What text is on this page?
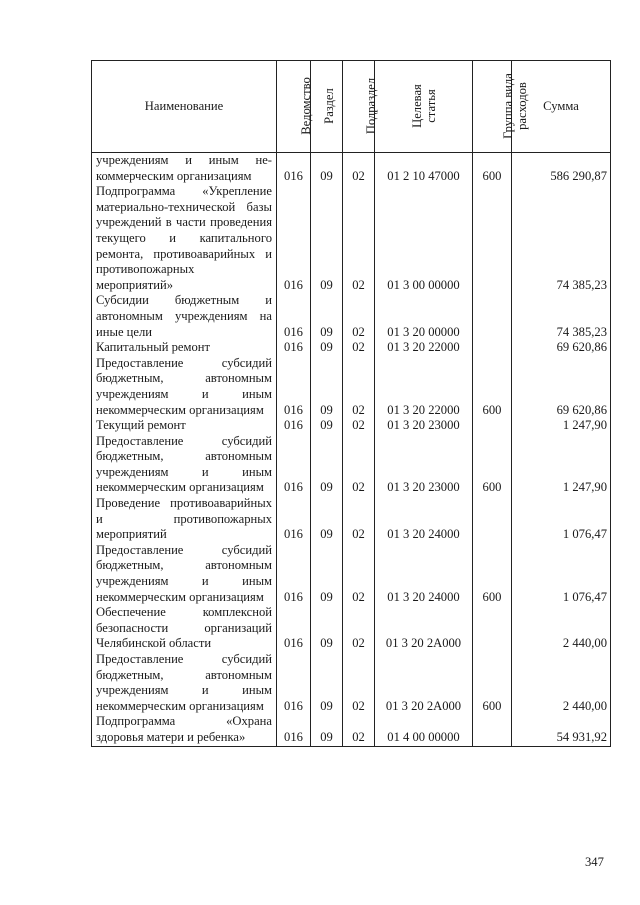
Наименование	Ведомство	Раздел	Подраздел	Целевая статья	Группа вида расходов	Сумма
учреждениям и иным не-коммерческим организациям	016	09	02	01 2 10 47000	600	586 290,87
Подпрограмма «Укрепление материально-технической базы учреждений в части проведения текущего и капитального ремонта, противоаварийных и противопожарных мероприятий»	016	09	02	01 3 00 00000		74 385,23
Субсидии бюджетным и автономным учреждениям на иные цели	016	09	02	01 3 20 00000		74 385,23
Капитальный ремонт	016	09	02	01 3 20 22000		69 620,86
Предоставление субсидий бюджетным, автономным учреждениям и иным некоммерческим организациям	016	09	02	01 3 20 22000	600	69 620,86
Текущий ремонт	016	09	02	01 3 20 23000		1 247,90
Предоставление субсидий бюджетным, автономным учреждениям и иным некоммерческим организациям	016	09	02	01 3 20 23000	600	1 247,90
Проведение противоаварийных и противопожарных мероприятий	016	09	02	01 3 20 24000		1 076,47
Предоставление субсидий бюджетным, автономным учреждениям и иным некоммерческим организациям	016	09	02	01 3 20 24000	600	1 076,47
Обеспечение комплексной безопасности организаций Челябинской области	016	09	02	01 3 20 2А000		2 440,00
Предоставление субсидий бюджетным, автономным учреждениям и иным некоммерческим организациям	016	09	02	01 3 20 2А000	600	2 440,00
Подпрограмма «Охрана здоровья матери и ребенка»	016	09	02	01 4 00 00000		54 931,92
347
